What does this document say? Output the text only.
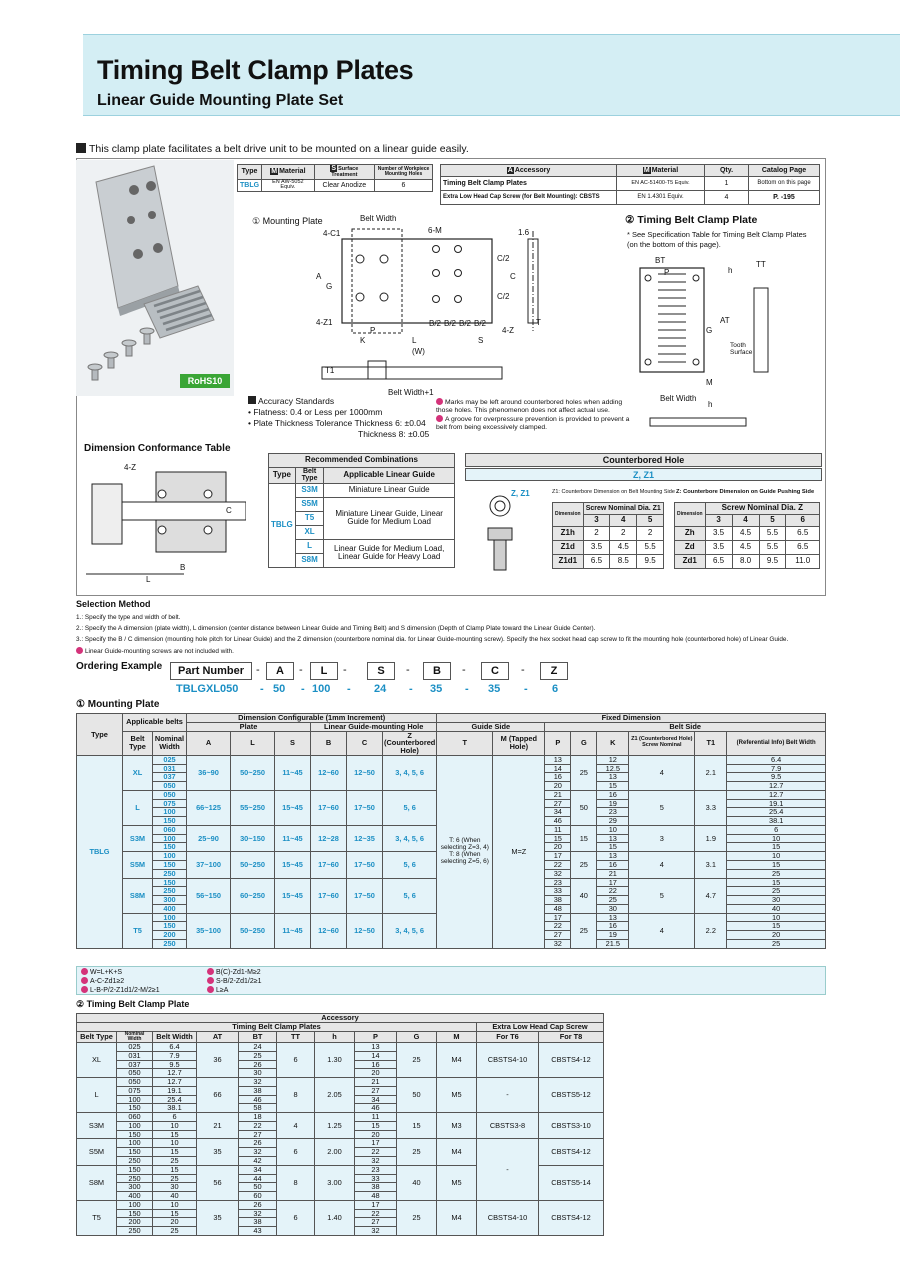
Timing Belt Clamp Plates
Linear Guide Mounting Plate Set
This clamp plate facilitates a belt drive unit to be mounted on a linear guide easily.
RoHS10
Type	M Material	S Surface Treatment	Number of Workpiece Mounting Holes
TBLG	EN AW-5052 Equiv.	Clear Anodize	6
A Accessory	M Material	Qty.	Catalog Page
Timing Belt Clamp Plates	EN AC-51400-T5 Equiv.	1	Bottom on this page
Extra Low Head Cap Screw (for Belt Mounting): CBSTS	EN 1.4301 Equiv.	4	P. -195
① Mounting Plate	② Timing Belt Clamp Plate
* See Specification Table for Timing Belt Clamp Plates (on the bottom of this page).
Belt Width
4-C1	6-M	1.6
4-Z1
K
P
L
(W)
S
B/2 B/2 B/2 B/2
4-Z
T
T1
Belt Width+1
G
A
C/2
C/2
C
BT
P	h
TT
G
AT
Tooth Surface
M
Belt Width
h
Accuracy Standards
• Flatness: 0.4 or Less per 1000mm
• Plate Thickness Tolerance Thickness 6: ±0.04
Thickness 8: ±0.05
Marks may be left around counterbored holes when adding those holes. This phenomenon does not affect actual use.
A groove for overpressure prevention is provided to prevent a belt from being excessively clamped.
Dimension Conformance Table
4-Z
C
B
L
Recommended Combinations		
Type	Belt Type	Applicable Linear Guide
TBLG	S3M	Miniature Linear Guide
	S5M	Miniature Linear Guide, Linear Guide for Medium Load
	T5	
	XL	
	L	Linear Guide for Medium Load, Linear Guide for Heavy Load
	S8M	
Counterbored Hole
Z, Z1
Z, Z1	Z1: Counterbore Dimension on Belt Mounting Side Z: Counterbore Dimension on Guide Pushing Side
Dimension	Screw Nominal Dia. Z1		
	3	4	5
Z1h	2	2	2
Z1d	3.5	4.5	5.5
Z1d1	6.5	8.5	9.5
Dimension	Screw Nominal Dia. Z			
	3	4	5	6
Zh	3.5	4.5	5.5	6.5
Zd	3.5	4.5	5.5	6.5
Zd1	6.5	8.0	9.5	11.0
Selection Method
1.: Specify the type and width of belt.
2.: Specify the A dimension (plate width), L dimension (center distance between Linear Guide and Timing Belt) and S dimension (Depth of Clamp Plate toward the Linear Guide Center).
3.: Specify the B / C dimension (mounting hole pitch for Linear Guide) and the Z dimension (counterbore nominal dia. for Linear Guide-mounting screw). Specify the hex socket head cap screw to fit the mounting hole (counterbored hole) of Linear Guide.
Linear Guide-mounting screws are not included with.
Ordering Example	Part Number	-	A	-	L	-	S	-	B	-	C	-	Z
TBLGXL050 - 50 - 100 - 24 - 35 - 35 - 6
① Mounting Plate
Type	Applicable belts		Dimension Configurable (1mm Increment)						Fixed Dimension							
			Plate			Linear Guide-mounting Hole			Guide Side		Belt Side					
	Belt Type	Nominal Width	A	L	S	B	C	Z (Counterbored Hole)	T	M (Tapped Hole)	P	G	K	Z1 (Counterbored Hole) Screw Nominal	T1	(Referential Info) Belt Width
TBLG	XL	025	36~90	50~250	11~45	12~60	12~50	3, 4, 5, 6	T: 6 (When selecting Z=3, 4) T: 8 (When selecting Z=5, 6)	M=Z	13	25	12	4	2.1	6.4
		031									14		12.5			7.9
		037									16		13			9.5
		050									20		15			12.7
	L	050	66~125	55~250	15~45	17~60	17~50	5, 6			21	50	16	5	3.3	12.7
		075									27		19			19.1
		100									34		23			25.4
		150									46		29			38.1
	S3M	060	25~90	30~150	11~45	12~28	12~35	3, 4, 5, 6			11	15	10	3	1.9	6
		100									15		13			10
		150									20		15			15
	S5M	100	37~100	50~250	15~45	17~60	17~50	5, 6			17	25	13	4	3.1	10
		150									22		16			15
		250									32		21			25
	S8M	150	56~150	60~250	15~45	17~60	17~50	5, 6			23	40	17	5	4.7	15
		250									33		22			25
		300									38		25			30
		400									48		30			40
	T5	100	35~100	50~250	11~45	12~60	12~50	3, 4, 5, 6			17	25	13	4	2.2	10
		150									22		16			15
		200									27		19			20
		250									32		21.5			25
W=L+K+S
A-C-Zd1≥2
L-B-P/2-Z1d1/2-M/2≥1
B(C)-Zd1-M≥2
S-B/2-Zd1/2≥1
L≥A
② Timing Belt Clamp Plate
Accessory											
Timing Belt Clamp Plates										Extra Low Head Cap Screw	
Belt Type	Nominal Width	Belt Width	AT	BT	TT	h	P	G	M	For T6	For T8
XL	025	6.4	36	24	6	1.30	13	25	M4	CBSTS4-10	CBSTS4-12
	031	7.9		25			14				
	037	9.5		26			16				
	050	12.7		30			20				
L	050	12.7	66	32	8	2.05	21	50	M5	-	CBSTS5-12
	075	19.1		38			27				
	100	25.4		46			34				
	150	38.1		58			46				
S3M	060	6	21	18	4	1.25	11	15	M3	CBSTS3-8	CBSTS3-10
	100	10		22			15				
	150	15		27			20				
S5M	100	10	35	26	6	2.00	17	25	M4	-	CBSTS4-12
	150	15		32			22				
	250	25		42			32				
S8M	150	15	56	34	8	3.00	23	40	M5		CBSTS5-14
	250	25		44			33				
	300	30		50			38				
	400	40		60			48				
T5	100	10	35	26	6	1.40	17	25	M4	CBSTS4-10	CBSTS4-12
	150	15		32			22				
	200	20		38			27				
	250	25		43			32				
